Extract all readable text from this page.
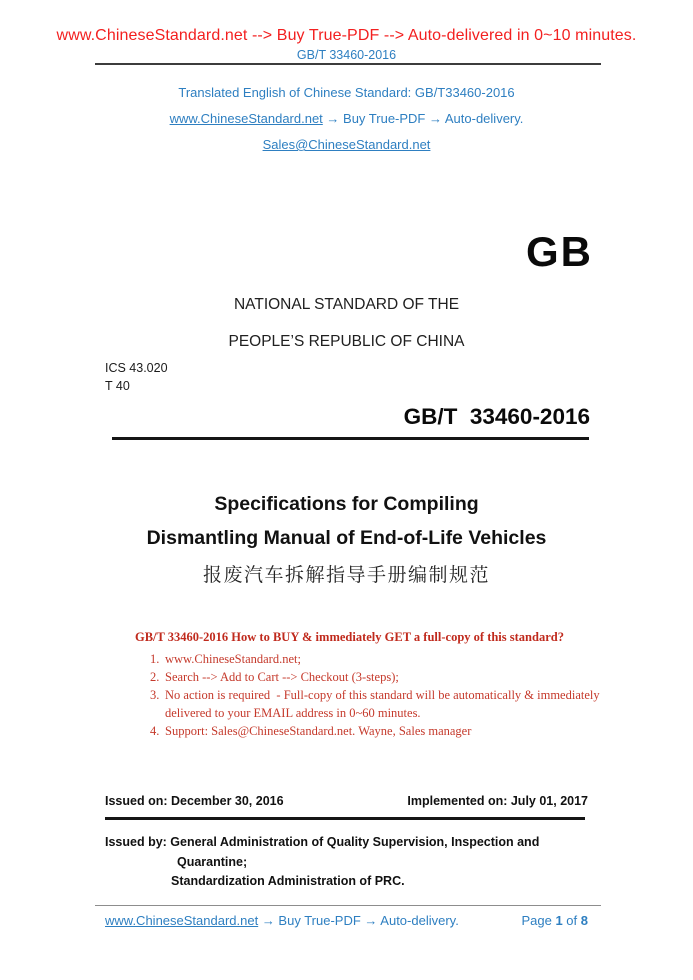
www.ChineseStandard.net --> Buy True-PDF --> Auto-delivered in 0~10 minutes.
GB/T 33460-2016
Translated English of Chinese Standard: GB/T33460-2016
www.ChineseStandard.net → Buy True-PDF → Auto-delivery.
Sales@ChineseStandard.net
GB
NATIONAL STANDARD OF THE
PEOPLE’S REPUBLIC OF CHINA
ICS 43.020
T 40
GB/T  33460-2016
Specifications for Compiling
Dismantling Manual of End-of-Life Vehicles
报废汽车拆解指导手册编制规范
GB/T 33460-2016 How to BUY & immediately GET a full-copy of this standard?
1. www.ChineseStandard.net;
2. Search --> Add to Cart --> Checkout (3-steps);
3. No action is required  - Full-copy of this standard will be automatically & immediately delivered to your EMAIL address in 0~60 minutes.
4. Support: Sales@ChineseStandard.net. Wayne, Sales manager
Issued on: December 30, 2016	Implemented on: July 01, 2017
Issued by: General Administration of Quality Supervision, Inspection and
Quarantine;
Standardization Administration of PRC.
www.ChineseStandard.net → Buy True-PDF → Auto-delivery.	Page 1 of 8
